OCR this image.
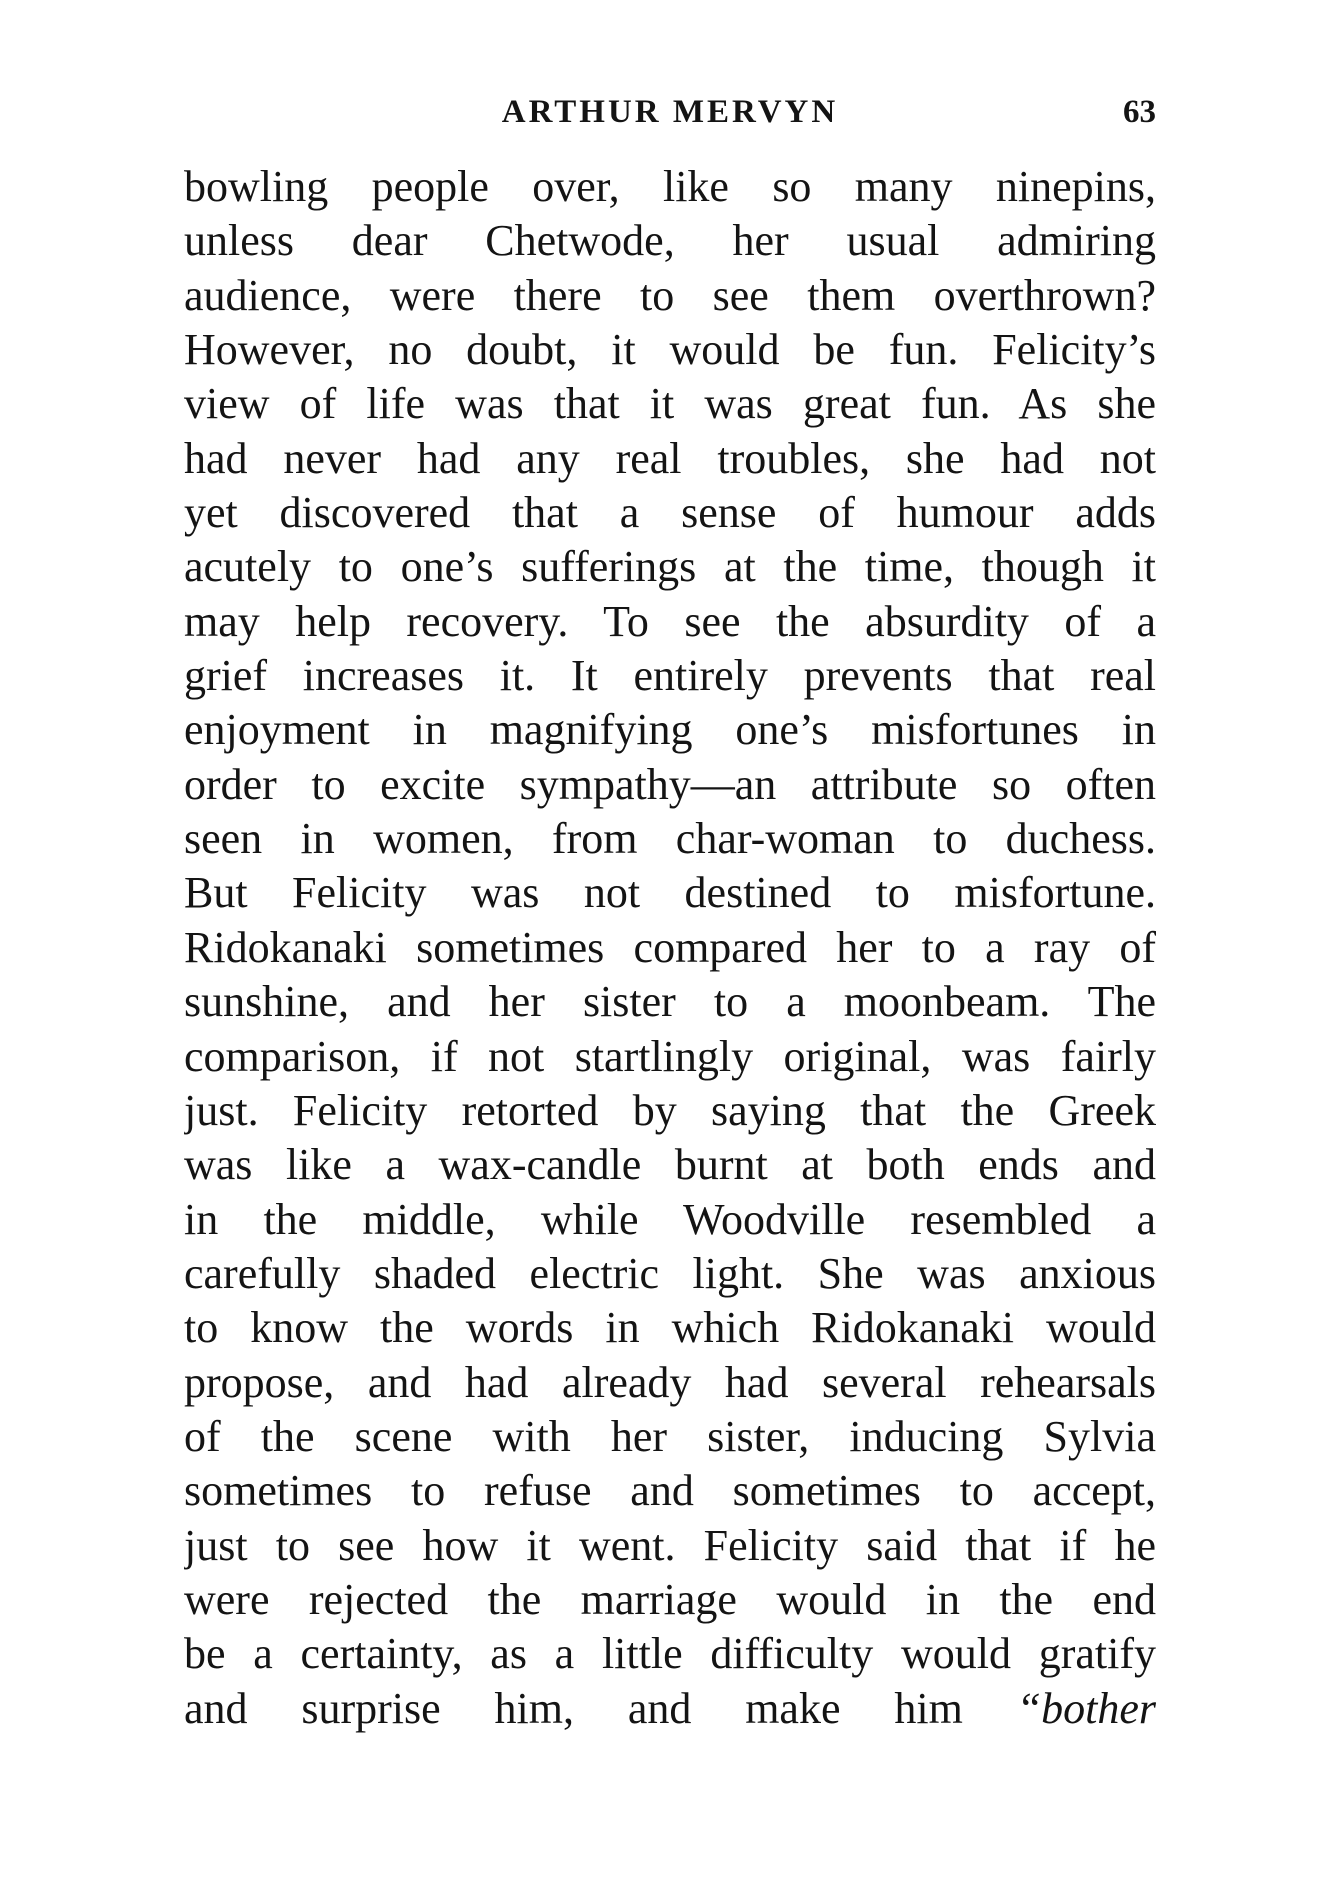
ARTHUR MERVYN	63
bowling people over, like so many ninepins,
unless dear Chetwode, her usual admiring
audience, were there to see them overthrown?
However, no doubt, it would be fun. Felicity’s
view of life was that it was great fun. As she
had never had any real troubles, she had not
yet discovered that a sense of humour adds
acutely to one’s sufferings at the time, though it
may help recovery. To see the absurdity of a
grief increases it. It entirely prevents that real
enjoyment in magnifying one’s misfortunes in
order to excite sympathy—an attribute so often
seen in women, from char-woman to duchess.
But Felicity was not destined to misfortune.
Ridokanaki sometimes compared her to a ray of
sunshine, and her sister to a moonbeam. The
comparison, if not startlingly original, was fairly
just. Felicity retorted by saying that the Greek
was like a wax-candle burnt at both ends and
in the middle, while Woodville resembled a
carefully shaded electric light. She was anxious
to know the words in which Ridokanaki would
propose, and had already had several rehearsals
of the scene with her sister, inducing Sylvia
sometimes to refuse and sometimes to accept,
just to see how it went. Felicity said that if he
were rejected the marriage would in the end
be a certainty, as a little difficulty would gratify
and surprise him, and make him “bother
